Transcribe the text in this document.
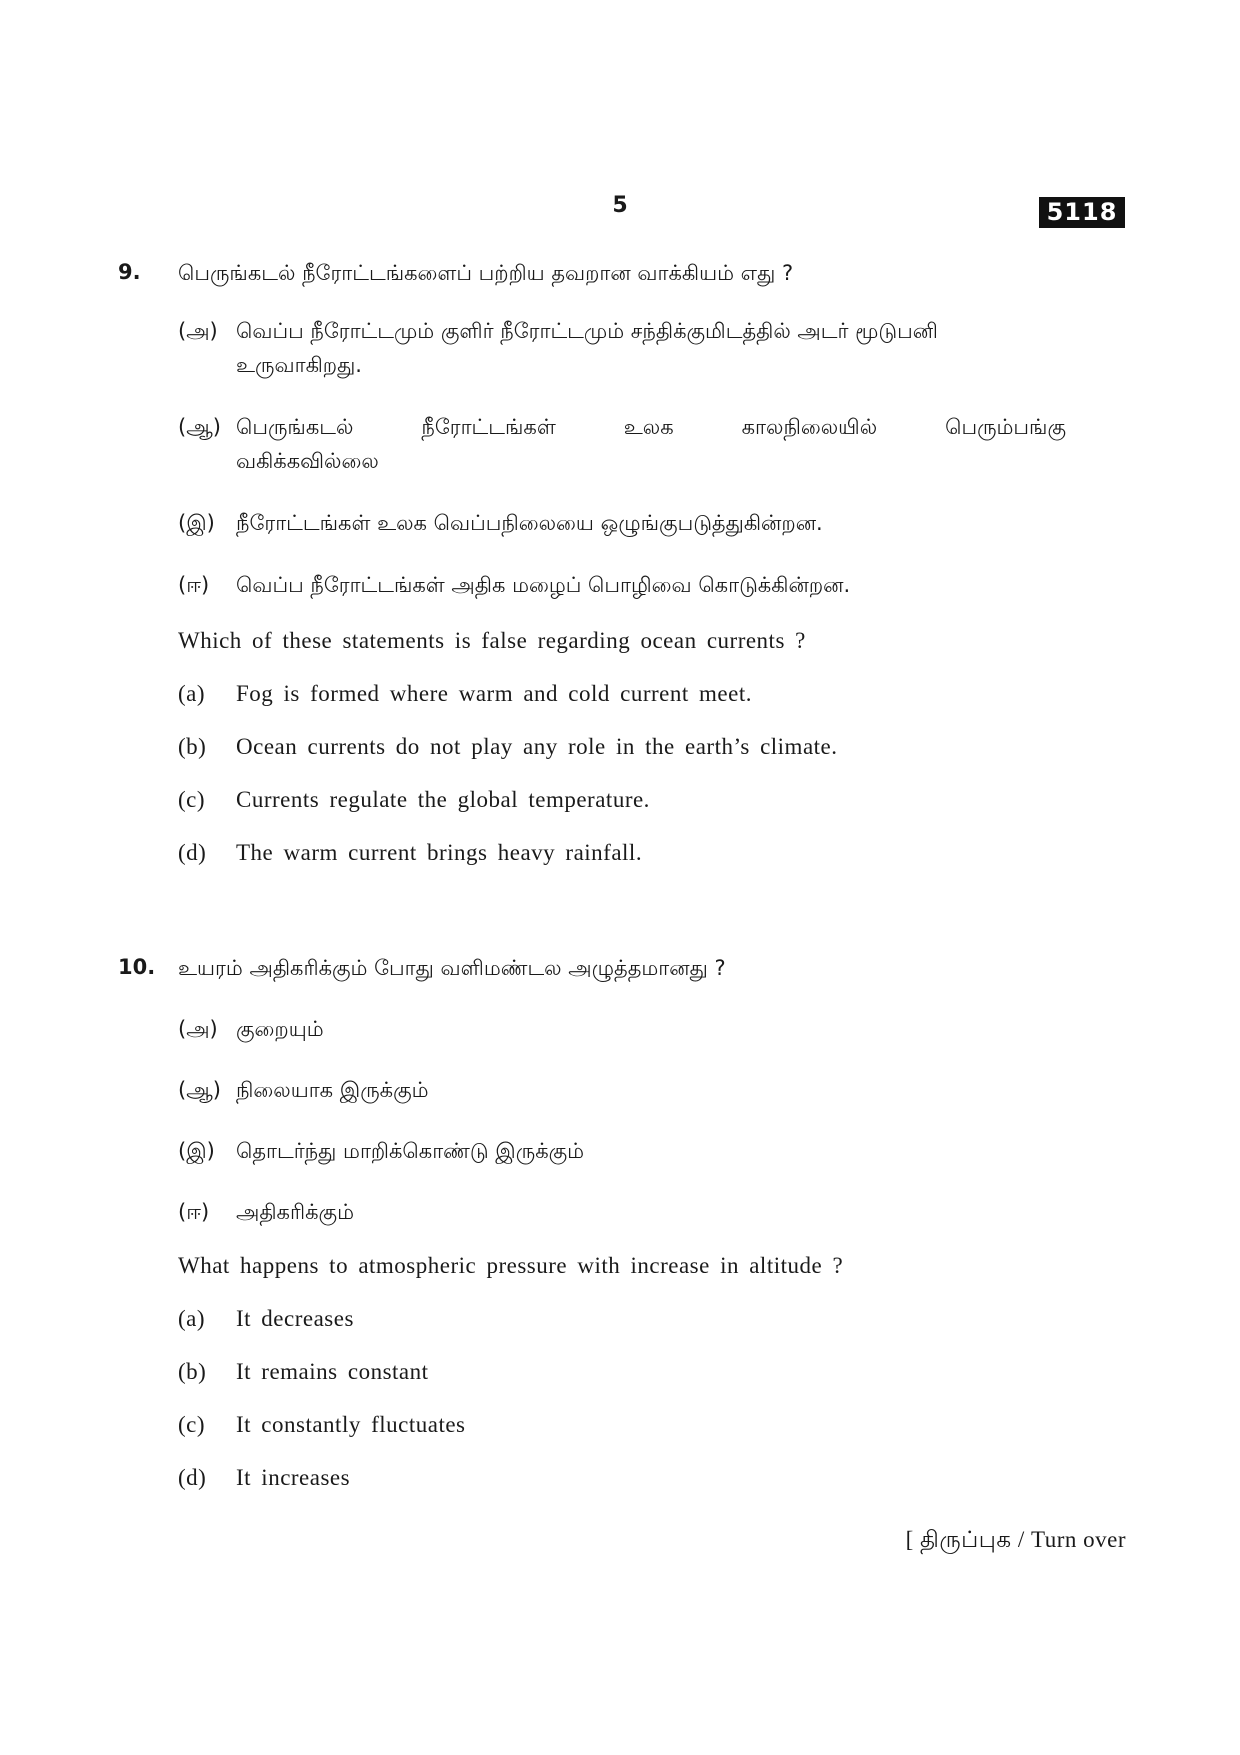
5	5118
9. பெருங்கடல் நீரோட்டங்களைப் பற்றிய தவறான வாக்கியம் எது ?
(அ) வெப்ப நீரோட்டமும் குளிர் நீரோட்டமும் சந்திக்குமிடத்தில் அடர் மூடுபனி
உருவாகிறது.
(ஆ) பெருங்கடல் நீரோட்டங்கள் உலக காலநிலையில் பெரும்பங்கு
வகிக்கவில்லை
(இ) நீரோட்டங்கள் உலக வெப்பநிலையை ஒழுங்குபடுத்துகின்றன.
(ஈ) வெப்ப நீரோட்டங்கள் அதிக மழைப் பொழிவை கொடுக்கின்றன.
Which of these statements is false regarding ocean currents ?
(a) Fog is formed where warm and cold current meet.
(b) Ocean currents do not play any role in the earth’s climate.
(c) Currents regulate the global temperature.
(d) The warm current brings heavy rainfall.
10. உயரம் அதிகரிக்கும் போது வளிமண்டல அழுத்தமானது ?
(அ) குறையும்
(ஆ) நிலையாக இருக்கும்
(இ) தொடர்ந்து மாறிக்கொண்டு இருக்கும்
(ஈ) அதிகரிக்கும்
What happens to atmospheric pressure with increase in altitude ?
(a) It decreases
(b) It remains constant
(c) It constantly fluctuates
(d) It increases
[ திருப்புக / Turn over
